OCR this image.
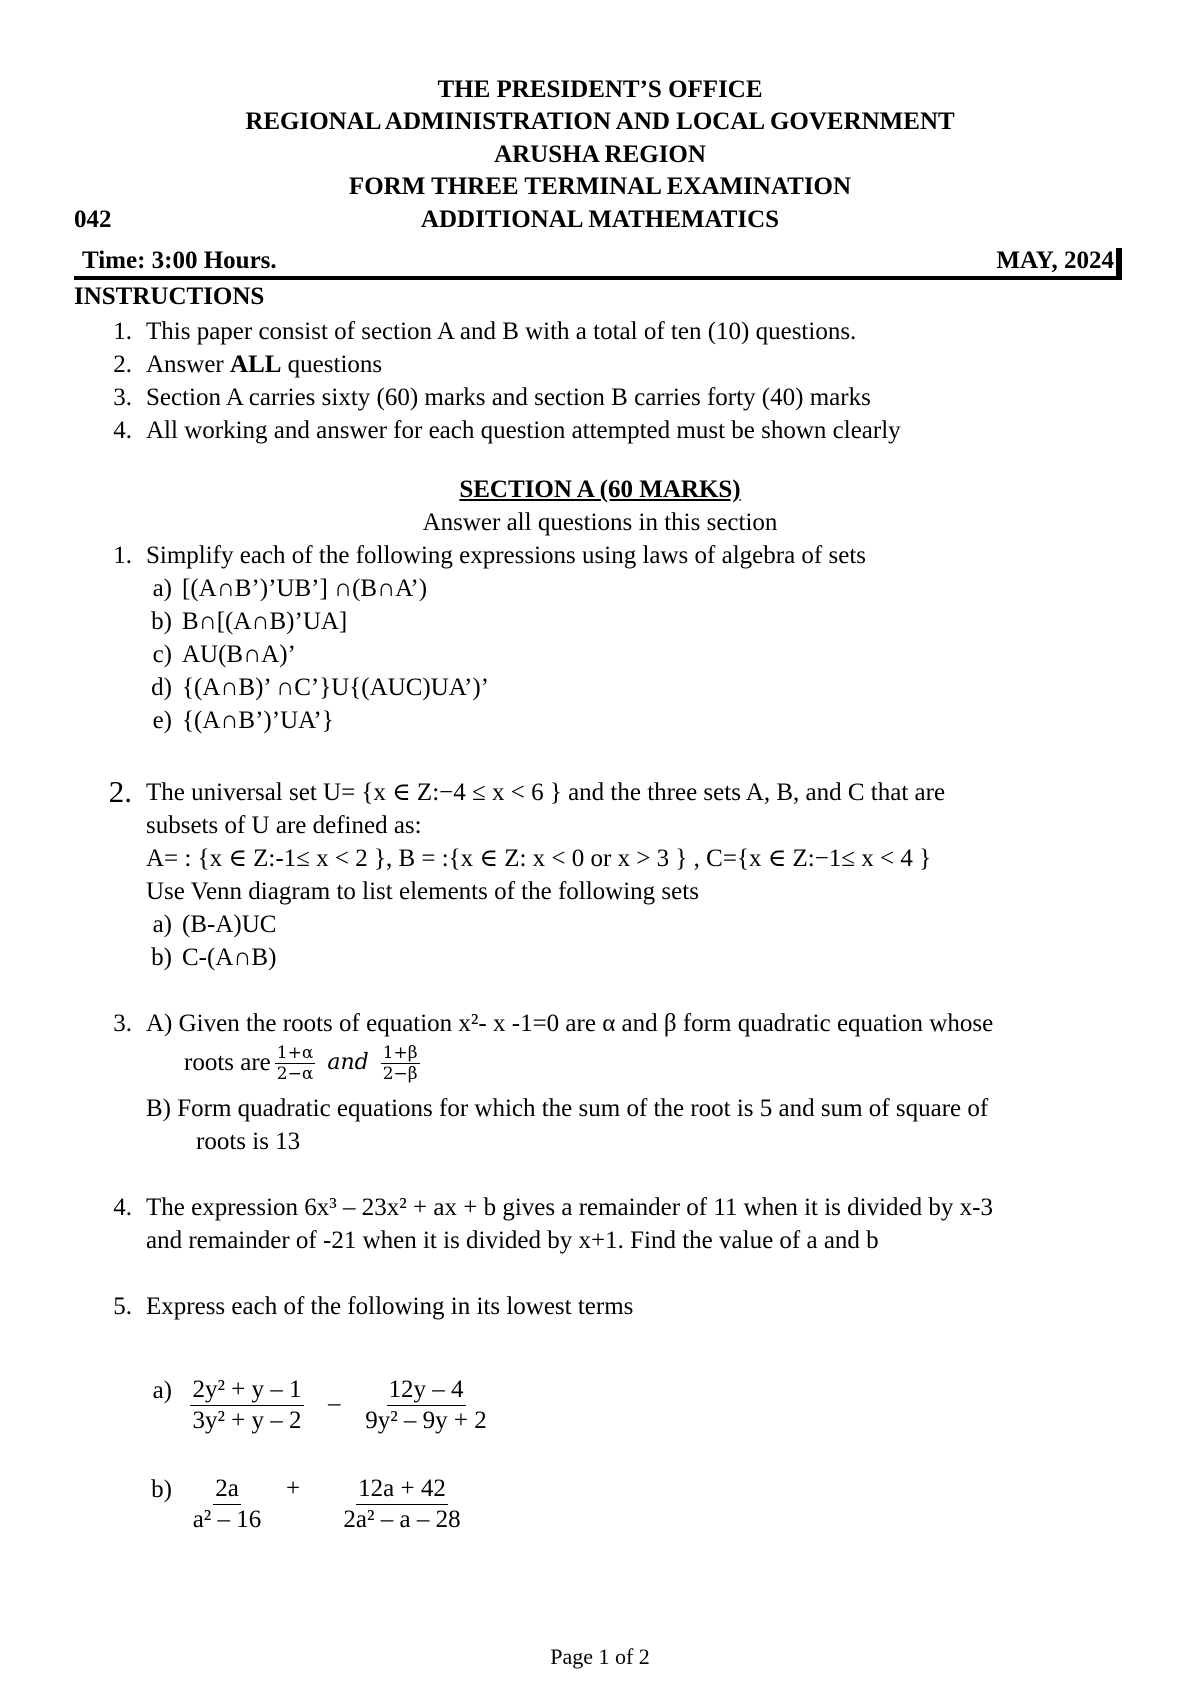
THE PRESIDENT’S OFFICE
REGIONAL ADMINISTRATION AND LOCAL GOVERNMENT
ARUSHA REGION
FORM THREE TERMINAL EXAMINATION
042	ADDITIONAL MATHEMATICS
Time: 3:00 Hours.	MAY, 2024
INSTRUCTIONS
1. This paper consist of section A and B with a total of ten (10) questions.
2. Answer ALL questions
3. Section A carries sixty (60) marks and section B carries forty (40) marks
4. All working and answer for each question attempted must be shown clearly
SECTION A (60 MARKS)
Answer all questions in this section
1. Simplify each of the following expressions using laws of algebra of sets
a) [(A∩B’)’UB’] ∩(B∩A’)
b) B∩[(A∩B)’UA]
c) AU(B∩A)’
d) {(A∩B)’ ∩C’}U{(AUC)UA’)’
e) {(A∩B’)’UA’}
2. The universal set U= {x ∈ Z:−4 ≤ x < 6 } and the three sets A, B, and C that are
subsets of U are defined as:
A= : {x ∈ Z:-1≤ x < 2 }, B = :{x ∈ Z: x < 0 or x > 3 } , C={x ∈ Z:−1≤ x < 4 }
Use Venn diagram to list elements of the following sets
a) (B-A)UC
b) C-(A∩B)
3. A) Given the roots of equation x²- x -1=0 are α and β form quadratic equation whose
roots are 1+α
2−α and 1+β
2−β
B) Form quadratic equations for which the sum of the root is 5 and sum of square of
roots is 13
4. The expression 6x³ – 23x² + ax + b gives a remainder of 11 when it is divided by x-3
and remainder of -21 when it is divided by x+1. Find the value of a and b
5. Express each of the following in its lowest terms
$a) \frac{\text{2y² + y – 1}}{\text{3y² + y – 2}} - \frac{12y - 4}{\text{9y² – 9y + 2}}$
$b) \frac{2a}{\text{a² – 16}} + \frac{12a + 42}{\text{2a² – a – 28}}$
Page 1 of 2
